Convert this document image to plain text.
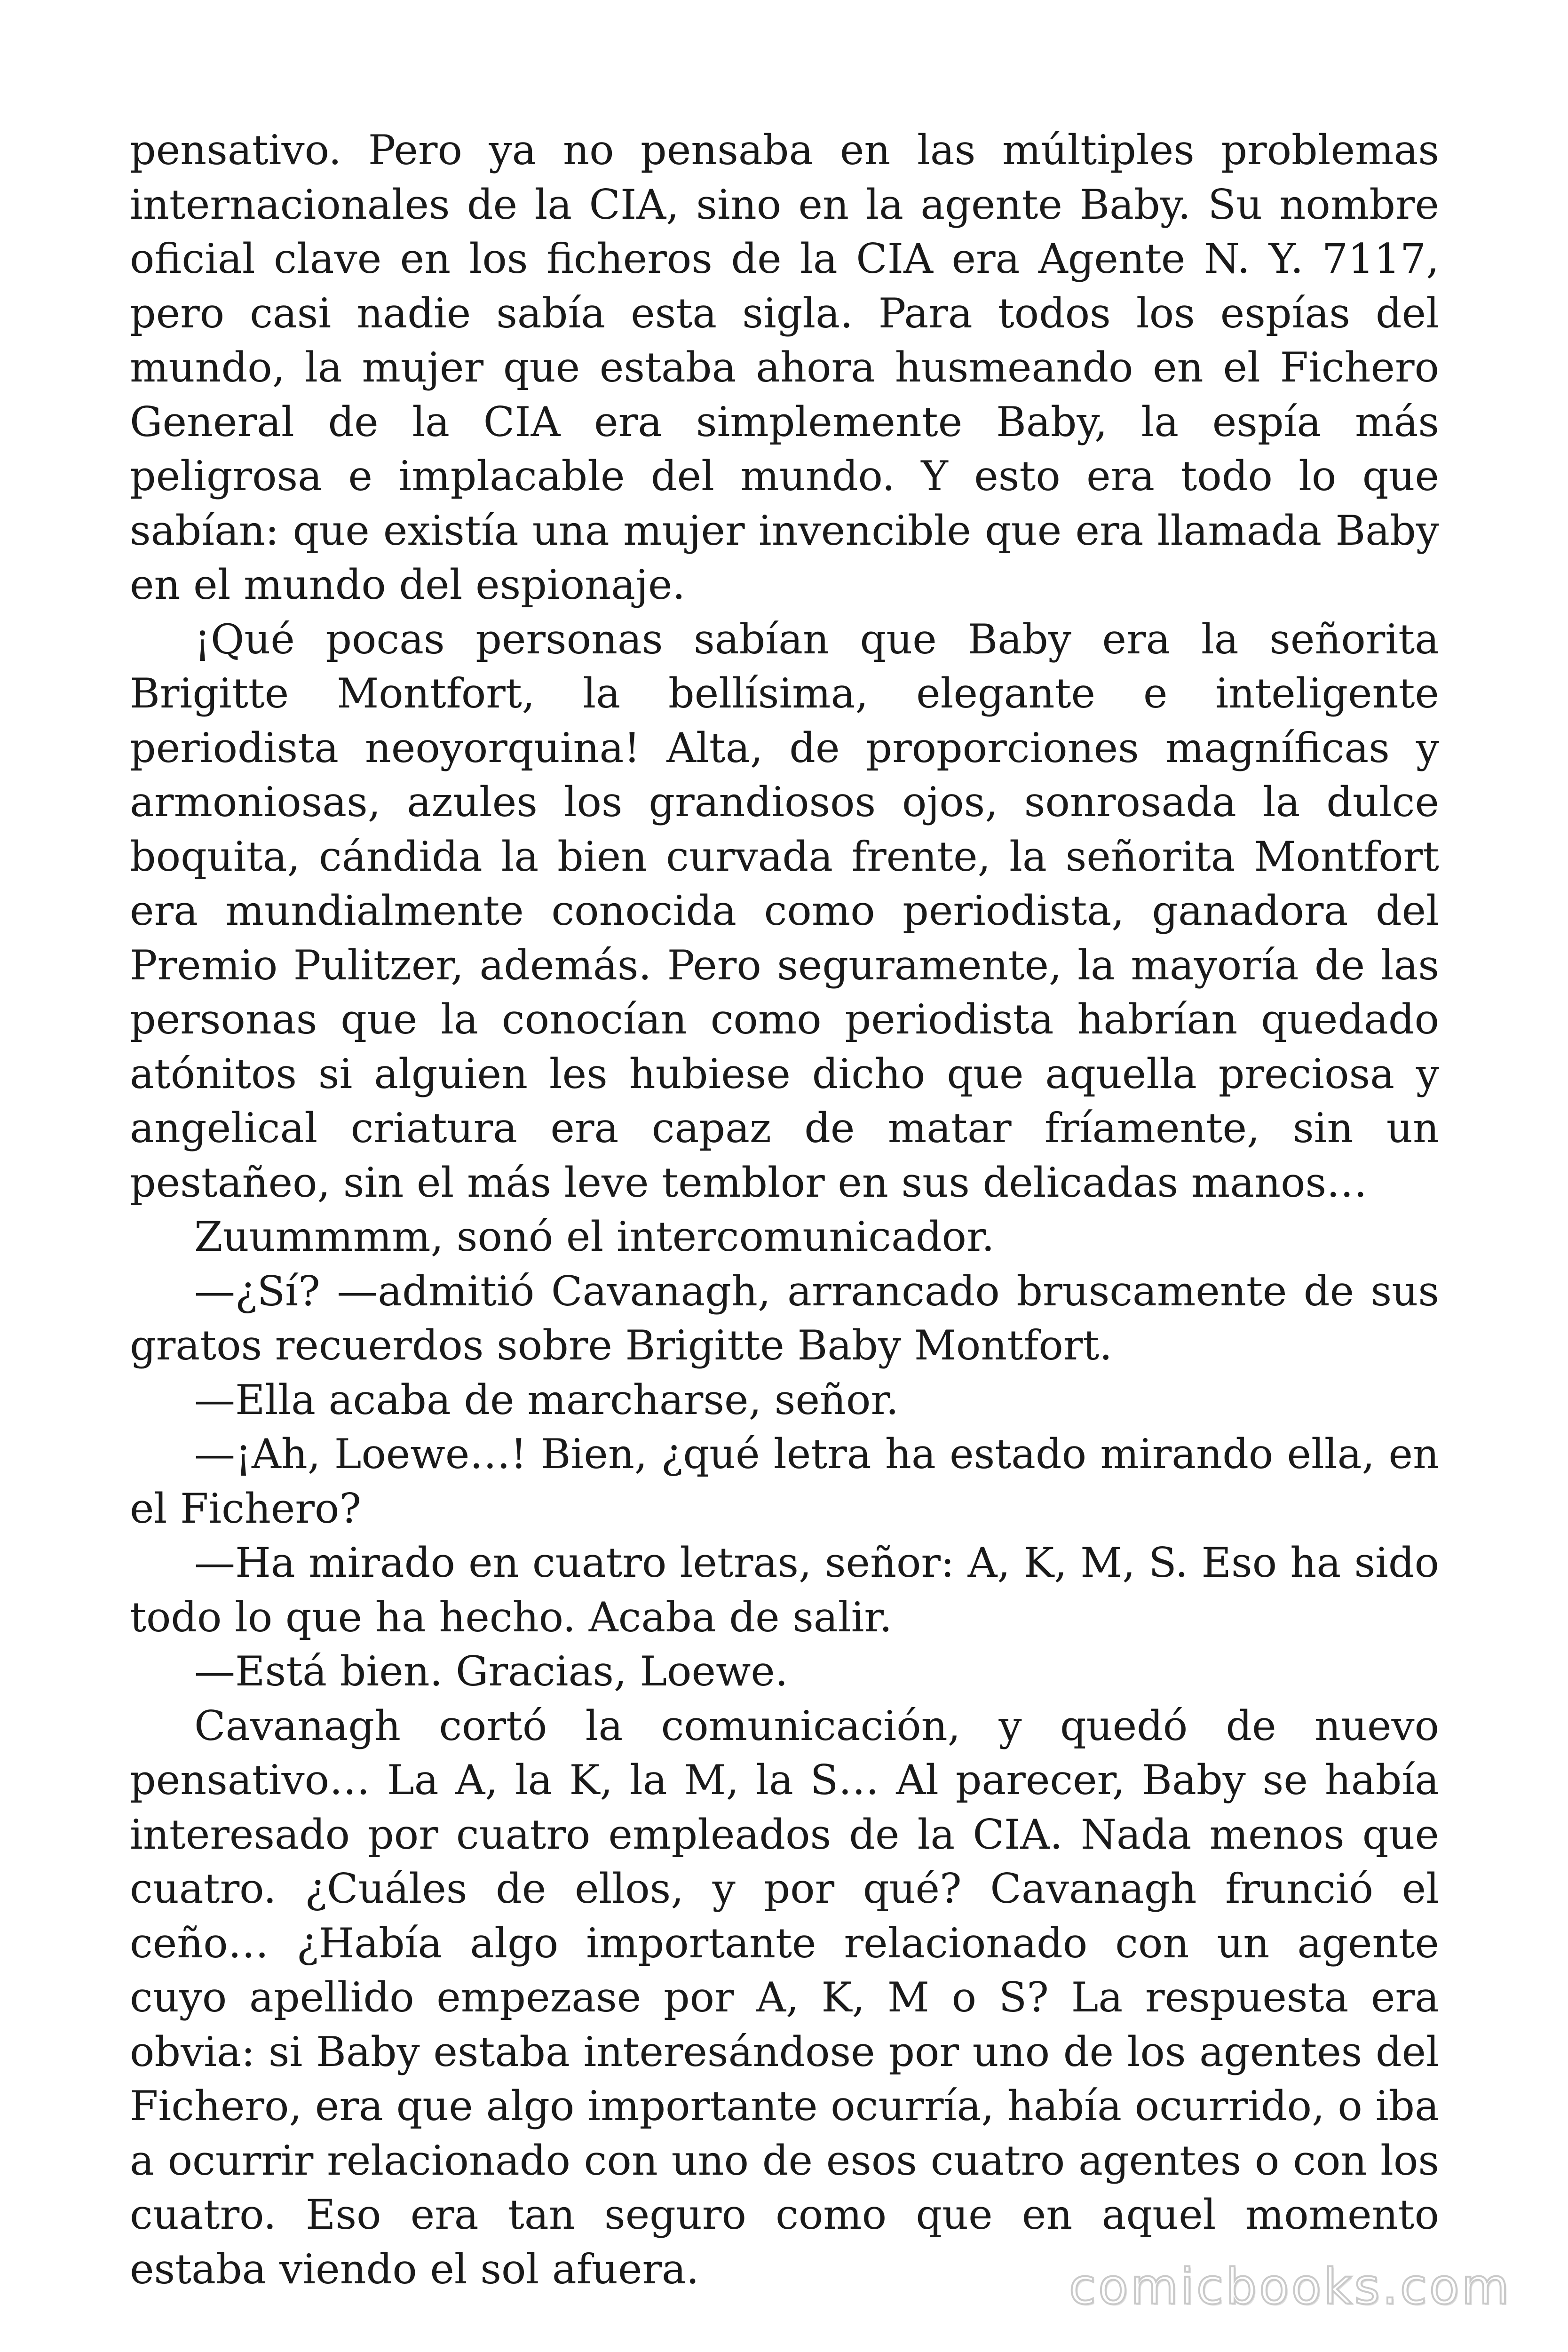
pensativo. Pero ya no pensaba en las múltiples problemas internacionales de la CIA, sino en la agente Baby. Su nombre oficial clave en los ficheros de la CIA era Agente N. Y. 7117, pero casi nadie sabía esta sigla. Para todos los espías del mundo, la mujer que estaba ahora husmeando en el Fichero General de la CIA era simplemente Baby, la espía más peligrosa e implacable del mundo. Y esto era todo lo que sabían: que existía una mujer invencible que era llamada Baby en el mundo del espionaje.

¡Qué pocas personas sabían que Baby era la señorita Brigitte Montfort, la bellísima, elegante e inteligente periodista neoyorquina! Alta, de proporciones magníficas y armoniosas, azules los grandiosos ojos, sonrosada la dulce boquita, cándida la bien curvada frente, la señorita Montfort era mundialmente conocida como periodista, ganadora del Premio Pulitzer, además. Pero seguramente, la mayoría de las personas que la conocían como periodista habrían quedado atónitos si alguien les hubiese dicho que aquella preciosa y angelical criatura era capaz de matar fríamente, sin un pestañeo, sin el más leve temblor en sus delicadas manos…

Zuummmm, sonó el intercomunicador.

—¿Sí? —admitió Cavanagh, arrancado bruscamente de sus gratos recuerdos sobre Brigitte Baby Montfort.

—Ella acaba de marcharse, señor.

—¡Ah, Loewe…! Bien, ¿qué letra ha estado mirando ella, en el Fichero?

—Ha mirado en cuatro letras, señor: A, K, M, S. Eso ha sido todo lo que ha hecho. Acaba de salir.

—Está bien. Gracias, Loewe.

Cavanagh cortó la comunicación, y quedó de nuevo pensativo… La A, la K, la M, la S… Al parecer, Baby se había interesado por cuatro empleados de la CIA. Nada menos que cuatro. ¿Cuáles de ellos, y por qué? Cavanagh frunció el ceño… ¿Había algo importante relacionado con un agente cuyo apellido empezase por A, K, M o S? La respuesta era obvia: si Baby estaba interesándose por uno de los agentes del Fichero, era que algo importante ocurría, había ocurrido, o iba a ocurrir relacionado con uno de esos cuatro agentes o con los cuatro. Eso era tan seguro como que en aquel momento estaba viendo el sol afuera.	comicbooks.com
